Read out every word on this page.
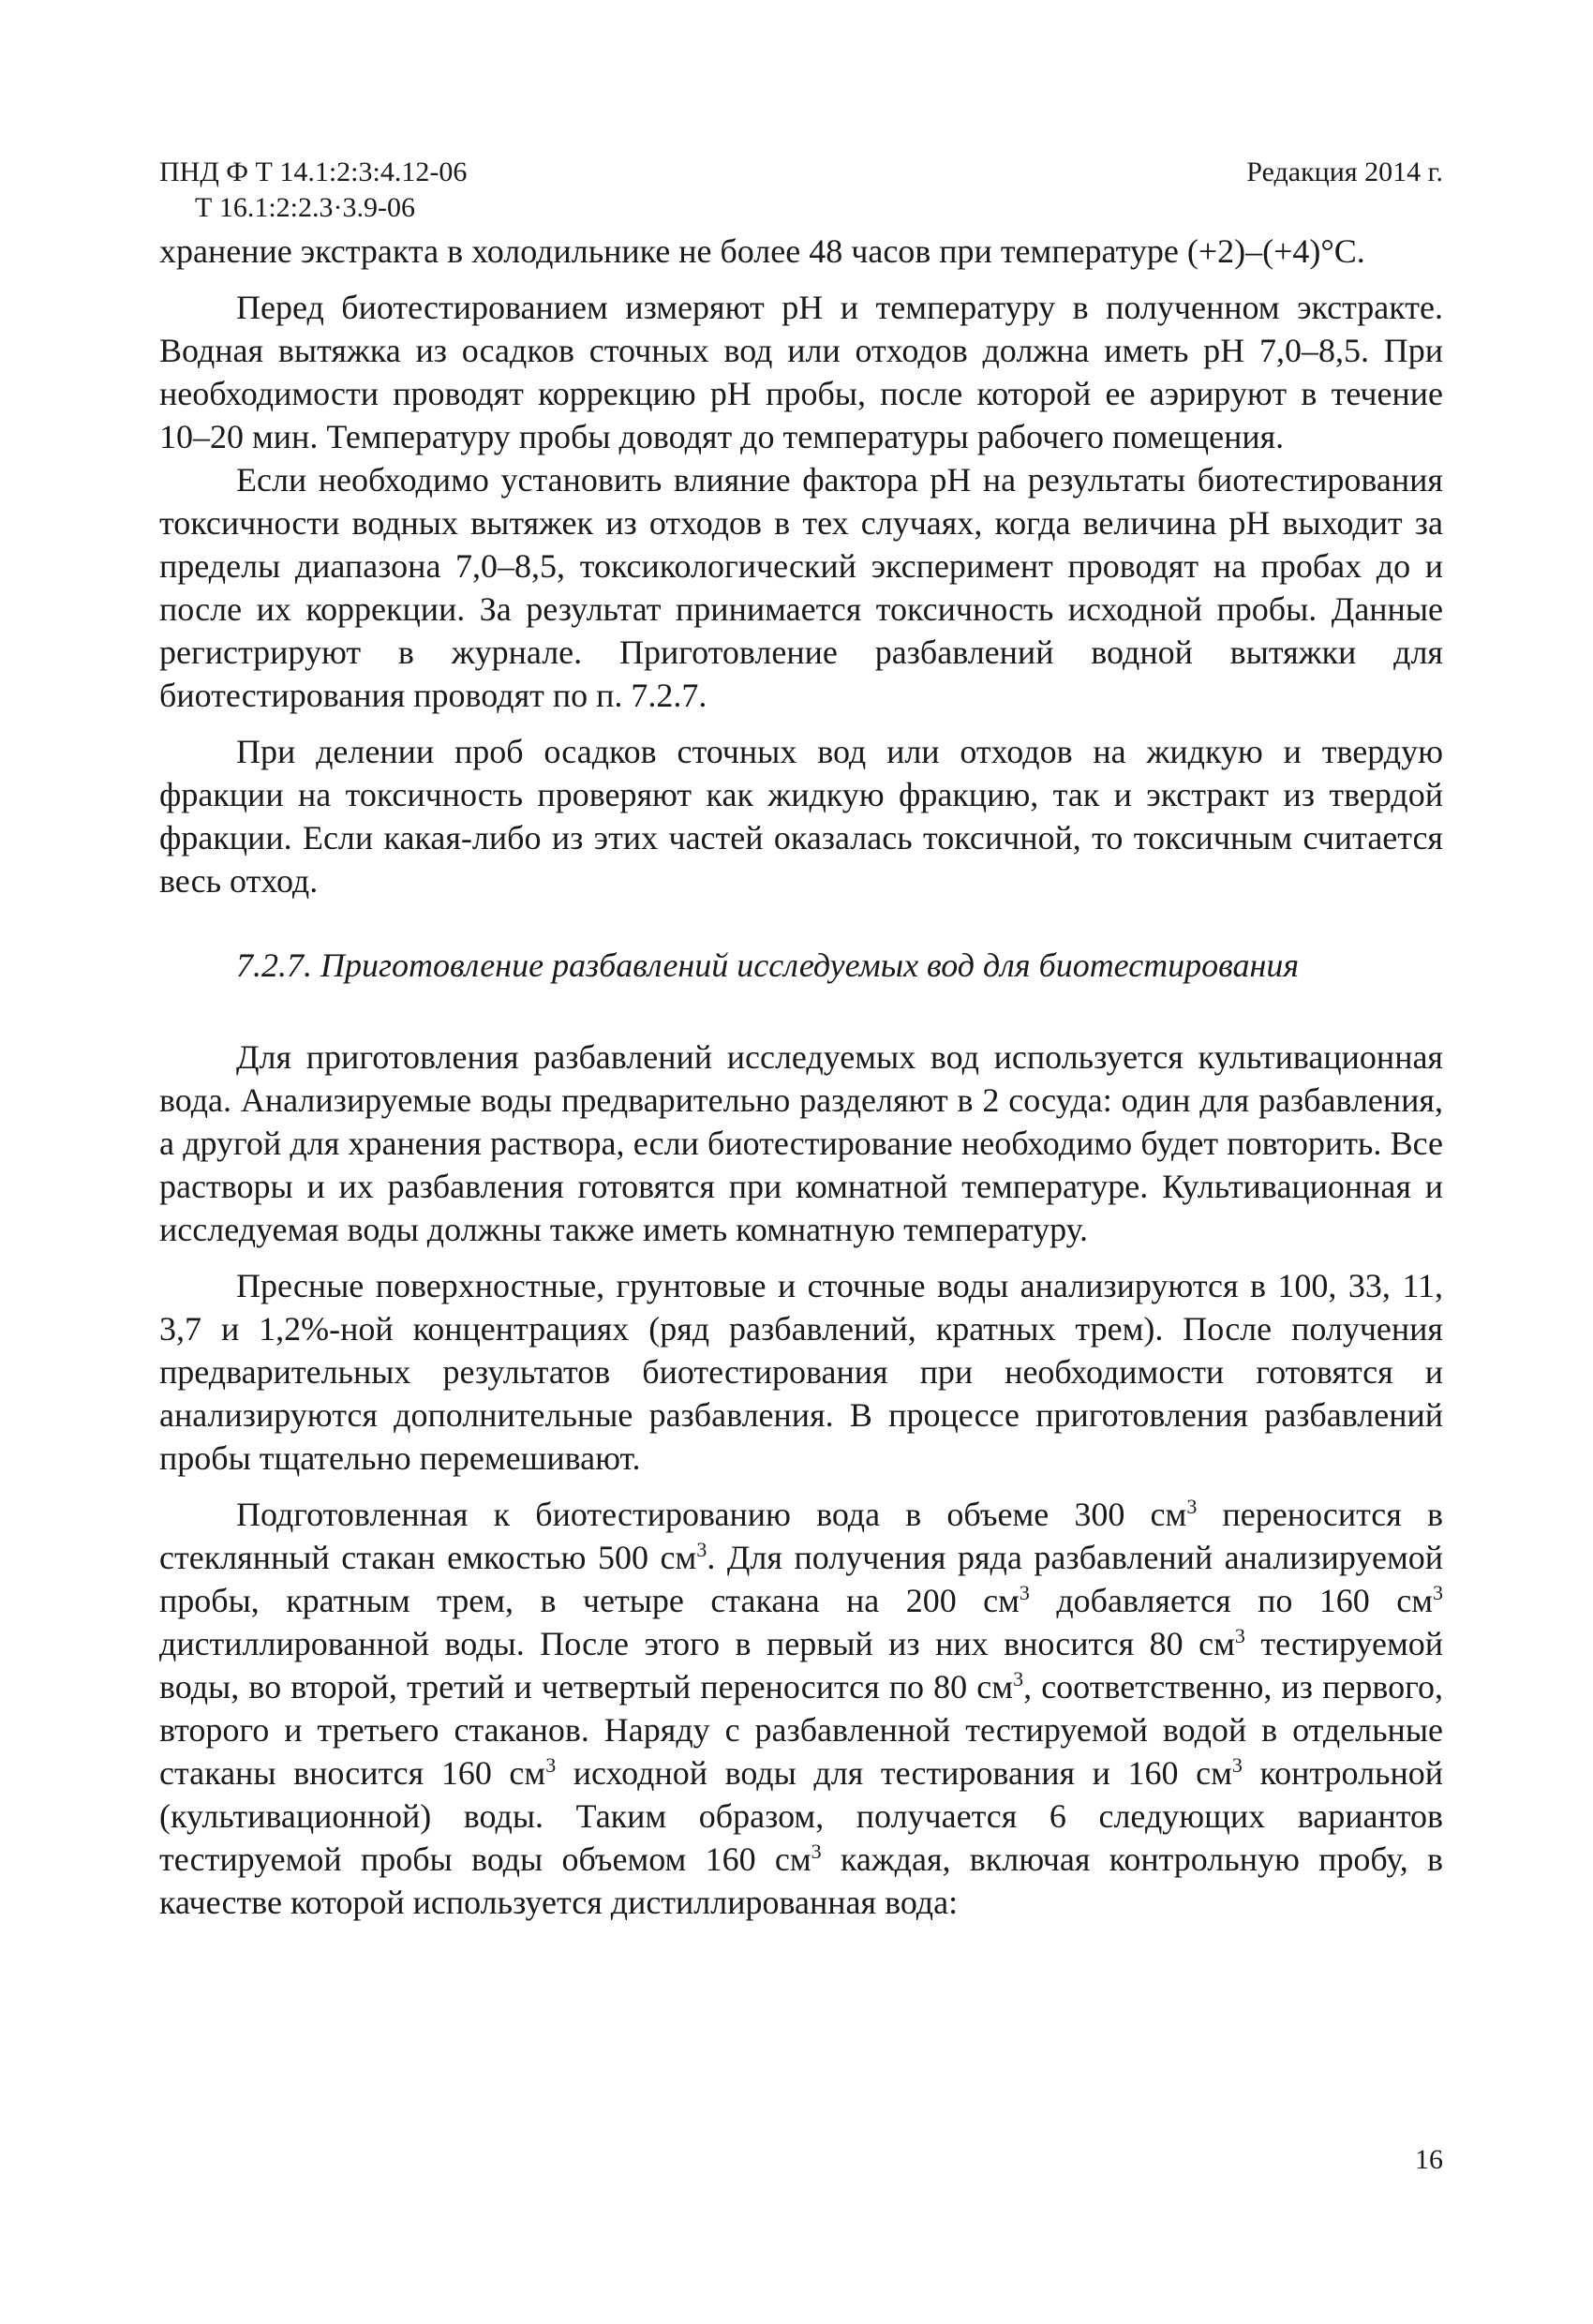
ПНД Ф Т 14.1:2:3:4.12-06
Т 16.1:2:2.3·3.9-06
Редакция 2014 г.

хранение экстракта в холодильнике не более 48 часов при температуре (+2)–(+4)°С.

Перед биотестированием измеряют рН и температуру в полученном экстракте. Водная вытяжка из осадков сточных вод или отходов должна иметь рН 7,0–8,5. При необходимости проводят коррекцию рН пробы, после которой ее аэрируют в течение 10–20 мин. Температуру пробы доводят до температуры рабочего помещения.

Если необходимо установить влияние фактора рН на результаты биотестирования токсичности водных вытяжек из отходов в тех случаях, когда величина рН выходит за пределы диапазона 7,0–8,5, токсикологический эксперимент проводят на пробах до и после их коррекции. За результат принимается токсичность исходной пробы. Данные регистрируют в журнале. Приготовление разбавлений водной вытяжки для биотестирования проводят по п. 7.2.7.

При делении проб осадков сточных вод или отходов на жидкую и твердую фракции на токсичность проверяют как жидкую фракцию, так и экстракт из твердой фракции. Если какая-либо из этих частей оказалась токсичной, то токсичным считается весь отход.

7.2.7. Приготовление разбавлений исследуемых вод для биотестирования

Для приготовления разбавлений исследуемых вод используется культивационная вода. Анализируемые воды предварительно разделяют в 2 сосуда: один для разбавления, а другой для хранения раствора, если биотестирование необходимо будет повторить. Все растворы и их разбавления готовятся при комнатной температуре. Культивационная и исследуемая воды должны также иметь комнатную температуру.

Пресные поверхностные, грунтовые и сточные воды анализируются в 100, 33, 11, 3,7 и 1,2%-ной концентрациях (ряд разбавлений, кратных трем). После получения предварительных результатов биотестирования при необходимости готовятся и анализируются дополнительные разбавления. В процессе приготовления разбавлений пробы тщательно перемешивают.

Подготовленная к биотестированию вода в объеме 300 $см^3$ переносится в стеклянный стакан емкостью 500 $см^3$. Для получения ряда разбавлений анализируемой пробы, кратным трем, в четыре стакана на 200 $см^3$ добавляется по 160 $см^3$ дистиллированной воды. После этого в первый из них вносится 80 $см^3$ тестируемой воды, во второй, третий и четвертый переносится по 80 $см^3$, соответственно, из первого, второго и третьего стаканов. Наряду с разбавленной тестируемой водой в отдельные стаканы вносится 160 $см^3$ исходной воды для тестирования и 160 $см^3$ контрольной (культивационной) воды. Таким образом, получается 6 следующих вариантов тестируемой пробы воды объемом 160 $см^3$ каждая, включая контрольную пробу, в качестве которой используется дистиллированная вода:

16
